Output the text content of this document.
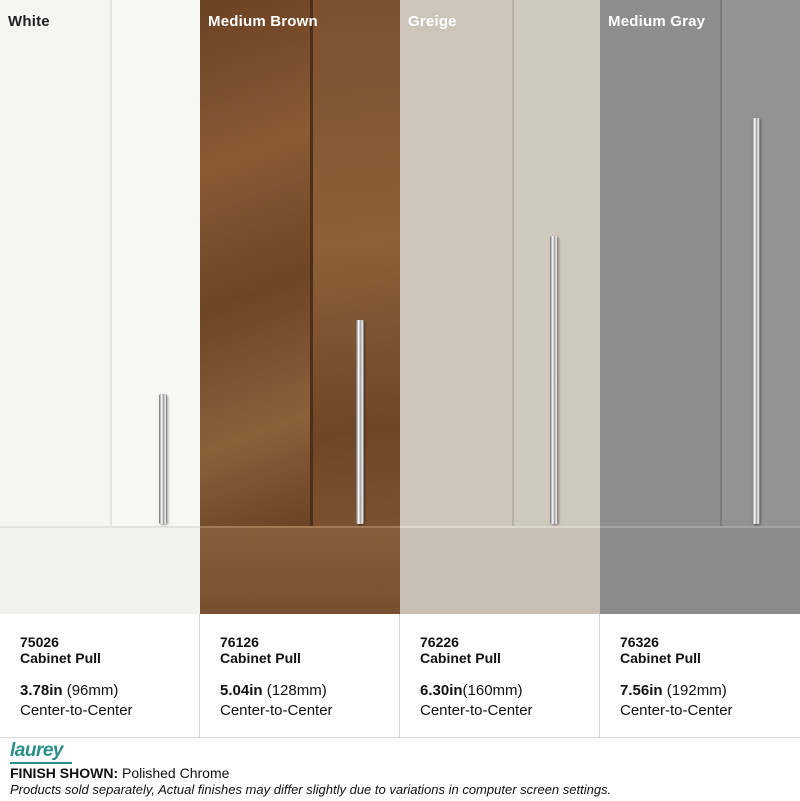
White	Medium Brown	Greige	Medium Gray
75026
Cabinet Pull
3.78in (96mm)
Center-to-Center
76126
Cabinet Pull
5.04in (128mm)
Center-to-Center
76226
Cabinet Pull
6.30in(160mm)
Center-to-Center
76326
Cabinet Pull
7.56in (192mm)
Center-to-Center
laurey
FINISH SHOWN: Polished Chrome
Products sold separately, Actual finishes may differ slightly due to variations in computer screen settings.
